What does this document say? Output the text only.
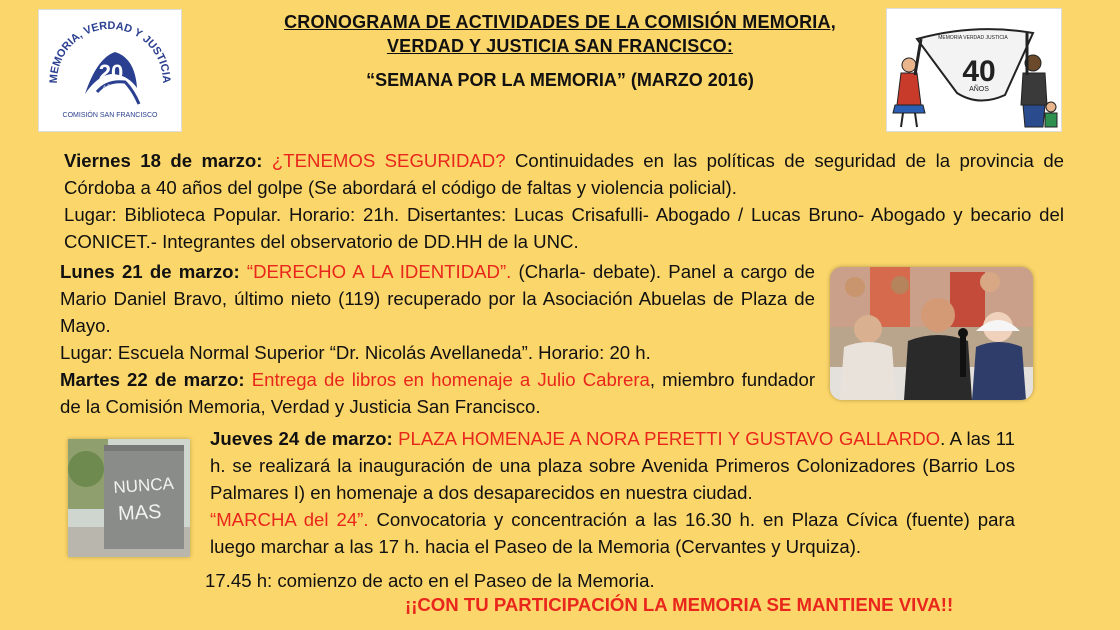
CRONOGRAMA DE ACTIVIDADES DE LA COMISIÓN MEMORIA,
VERDAD Y JUSTICIA SAN FRANCISCO:
“SEMANA POR LA MEMORIA” (MARZO 2016)
MEMORIA, VERDAD Y JUSTICIA
20
AÑOS
COMISIÓN SAN FRANCISCO
40
AÑOS
MEMORIA VERDAD JUSTICIA
Viernes 18 de marzo: ¿TENEMOS SEGURIDAD? Continuidades en las políticas de seguridad de la provincia de Córdoba a 40 años del golpe (Se abordará el código de faltas y violencia policial).
Lugar: Biblioteca Popular. Horario: 21h. Disertantes: Lucas Crisafulli- Abogado / Lucas Bruno- Abogado y becario del CONICET.- Integrantes del observatorio de DD.HH de la UNC.
Lunes 21 de marzo: “DERECHO A LA IDENTIDAD”. (Charla- debate). Panel a cargo de Mario Daniel Bravo, último nieto (119) recuperado por la Asociación Abuelas de Plaza de Mayo.
Lugar: Escuela Normal Superior “Dr. Nicolás Avellaneda”. Horario: 20 h.
Martes 22 de marzo: Entrega de libros en homenaje a Julio Cabrera, miembro fundador de la Comisión Memoria, Verdad y Justicia San Francisco.
Jueves 24 de marzo: PLAZA HOMENAJE A NORA PERETTI Y GUSTAVO GALLARDO. A las 11 h. se realizará la inauguración de una plaza sobre Avenida Primeros Colonizadores (Barrio Los Palmares I) en homenaje a dos desaparecidos en nuestra ciudad.
“MARCHA del 24”. Convocatoria y concentración a las 16.30 h. en Plaza Cívica (fuente) para luego marchar a las 17 h. hacia el Paseo de la Memoria (Cervantes y Urquiza).
17.45 h: comienzo de acto en el Paseo de la Memoria.
NUNCA
MAS
¡¡CON TU PARTICIPACIÓN LA MEMORIA SE MANTIENE VIVA!!
